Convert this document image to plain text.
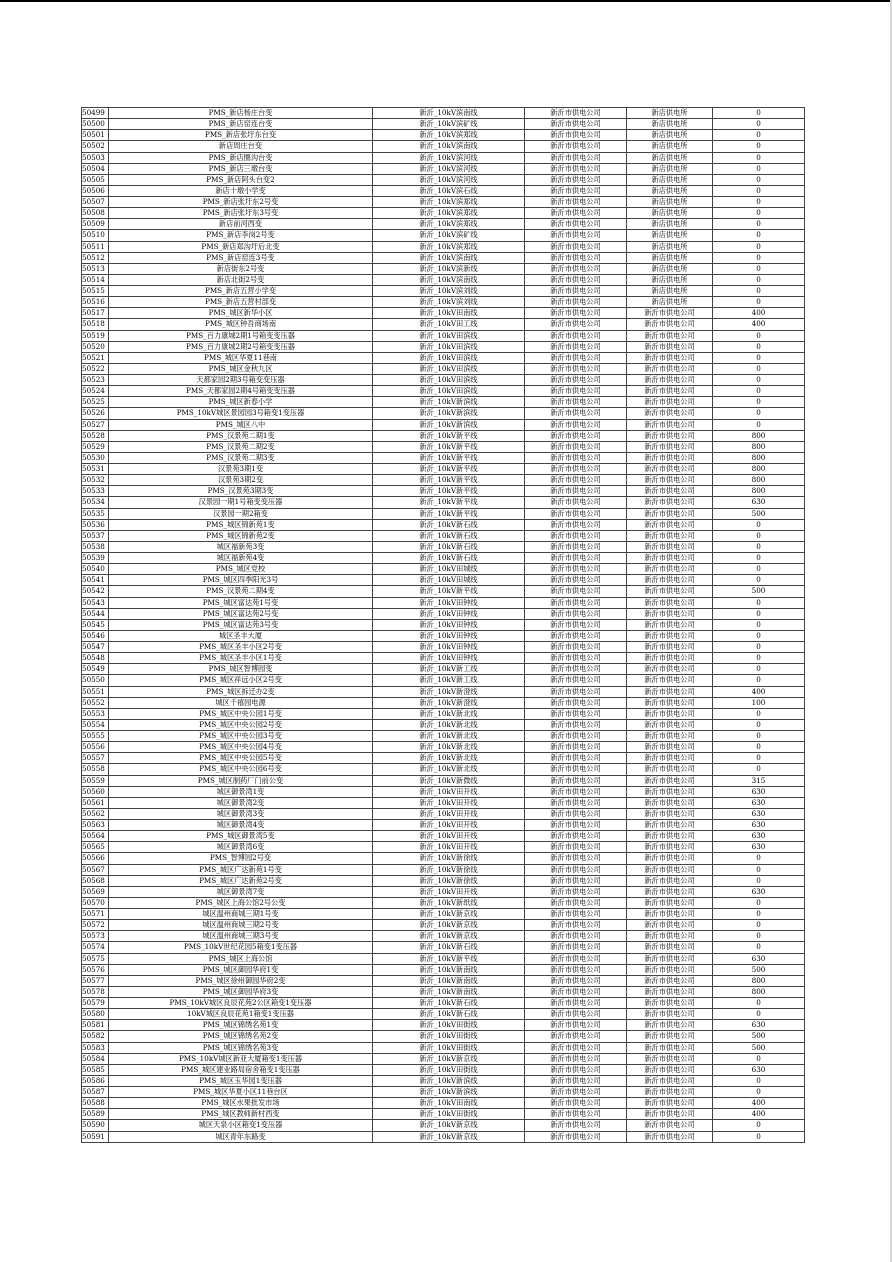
50499	PMS_新店杨庄台变	新沂_10kV滨南线	新沂市供电公司	新店供电所	0
50500	PMS_新店窑连台变	新沂_10kV滨矿线	新沂市供电公司	新店供电所	0
50501	PMS_新店张圩东台变	新沂_10kV滨郑线	新沂市供电公司	新店供电所	0
50502	新店周庄台变	新沂_10kV滨南线	新沂市供电公司	新店供电所	0
50503	PMS_新店圈沟台变	新沂_10kV滨河线	新沂市供电公司	新店供电所	0
50504	PMS_新店三墩台变	新沂_10kV滨河线	新沂市供电公司	新店供电所	0
50505	PMS_新店阿头台变2	新沂_10kV滨河线	新沂市供电公司	新店供电所	0
50506	新店十墩小学变	新沂_10kV滨石线	新沂市供电公司	新店供电所	0
50507	PMS_新店张圩东2号变	新沂_10kV滨郑线	新沂市供电公司	新店供电所	0
50508	PMS_新店张圩东3号变	新沂_10kV滨郑线	新沂市供电公司	新店供电所	0
50509	新店前河西变	新沂_10kV滨郑线	新沂市供电公司	新店供电所	0
50510	PMS_新店李岗2号变	新沂_10kV滨矿线	新沂市供电公司	新店供电所	0
50511	PMS_新店郑沟圩后北变	新沂_10kV滨郑线	新沂市供电公司	新店供电所	0
50512	PMS_新店窑连3号变	新沂_10kV滨南线	新沂市供电公司	新店供电所	0
50513	新店街东2号变	新沂_10kV滨新线	新沂市供电公司	新店供电所	0
50514	新店北街2号变	新沂_10kV滨南线	新沂市供电公司	新店供电所	0
50515	PMS_新店五营小学变	新沂_10kV滨刘线	新沂市供电公司	新店供电所	0
50516	PMS_新店五营村部变	新沂_10kV滨刘线	新沂市供电公司	新店供电所	0
50517	PMS_城区新华小区	新沂_10kV田南线	新沂市供电公司	新沂市供电公司	400
50518	PMS_城区钟吾商场南	新沂_10kV田工线	新沂市供电公司	新沂市供电公司	400
50519	PMS_百力康城2期1号箱变变压器	新沂_10kV田滨线	新沂市供电公司	新沂市供电公司	0
50520	PMS_百力康城2期2号箱变变压器	新沂_10kV田滨线	新沂市供电公司	新沂市供电公司	0
50521	PMS_城区华夏11巷南	新沂_10kV田滨线	新沂市供电公司	新沂市供电公司	0
50522	PMS_城区金秋九区	新沂_10kV田滨线	新沂市供电公司	新沂市供电公司	0
50523	天都家园2期3号箱变变压器	新沂_10kV田滨线	新沂市供电公司	新沂市供电公司	0
50524	PMS_天都家园2期4号箱变变压器	新沂_10kV田滨线	新沂市供电公司	新沂市供电公司	0
50525	PMS_城区新春小学	新沂_10kV新滨线	新沂市供电公司	新沂市供电公司	0
50526	PMS_10kV城区景园园3号箱变1变压器	新沂_10kV新滨线	新沂市供电公司	新沂市供电公司	0
50527	PMS_城区八中	新沂_10kV新滨线	新沂市供电公司	新沂市供电公司	0
50528	PMS_汉景苑二期1变	新沂_10kV新平线	新沂市供电公司	新沂市供电公司	800
50529	PMS_汉景苑二期2变	新沂_10kV新平线	新沂市供电公司	新沂市供电公司	800
50530	PMS_汉景苑二期3变	新沂_10kV新平线	新沂市供电公司	新沂市供电公司	800
50531	汉景苑3期1变	新沂_10kV新平线	新沂市供电公司	新沂市供电公司	800
50532	汉景苑3期2变	新沂_10kV新平线	新沂市供电公司	新沂市供电公司	800
50533	PMS_汉景苑3期3变	新沂_10kV新平线	新沂市供电公司	新沂市供电公司	800
50534	汉景园一期1号箱变变压器	新沂_10kV新平线	新沂市供电公司	新沂市供电公司	630
50535	汉景园一期2箱变	新沂_10kV新平线	新沂市供电公司	新沂市供电公司	500
50536	PMS_城区锦新苑1变	新沂_10kV新石线	新沂市供电公司	新沂市供电公司	0
50537	PMS_城区锦新苑2变	新沂_10kV新石线	新沂市供电公司	新沂市供电公司	0
50538	城区福新苑3变	新沂_10kV新石线	新沂市供电公司	新沂市供电公司	0
50539	城区福新苑4变	新沂_10kV新石线	新沂市供电公司	新沂市供电公司	0
50540	PMS_城区党校	新沂_10kV田城线	新沂市供电公司	新沂市供电公司	0
50541	PMS_城区四季阳光3号	新沂_10kV田城线	新沂市供电公司	新沂市供电公司	0
50542	PMS_汉景苑二期4变	新沂_10kV新平线	新沂市供电公司	新沂市供电公司	500
50543	PMS_城区富达苑1号变	新沂_10kV田钟线	新沂市供电公司	新沂市供电公司	0
50544	PMS_城区富达苑2号变	新沂_10kV田钟线	新沂市供电公司	新沂市供电公司	0
50545	PMS_城区富达苑3号变	新沂_10kV田钟线	新沂市供电公司	新沂市供电公司	0
50546	城区圣丰大厦	新沂_10kV田钟线	新沂市供电公司	新沂市供电公司	0
50547	PMS_城区圣丰小区2号变	新沂_10kV田钟线	新沂市供电公司	新沂市供电公司	0
50548	PMS_城区圣丰小区1号变	新沂_10kV田钟线	新沂市供电公司	新沂市供电公司	0
50549	PMS_城区智博园变	新沂_10kV新工线	新沂市供电公司	新沂市供电公司	0
50550	PMS_城区祥远小区2号变	新沂_10kV新工线	新沂市供电公司	新沂市供电公司	0
50551	PMS_城区拆迁办2变	新沂_10kV新澄线	新沂市供电公司	新沂市供电公司	400
50552	城区千禧园电源	新沂_10kV新澄线	新沂市供电公司	新沂市供电公司	100
50553	PMS_城区中央公园1号变	新沂_10kV新北线	新沂市供电公司	新沂市供电公司	0
50554	PMS_城区中央公园2号变	新沂_10kV新北线	新沂市供电公司	新沂市供电公司	0
50555	PMS_城区中央公园3号变	新沂_10kV新北线	新沂市供电公司	新沂市供电公司	0
50556	PMS_城区中央公园4号变	新沂_10kV新北线	新沂市供电公司	新沂市供电公司	0
50557	PMS_城区中央公园5号变	新沂_10kV新北线	新沂市供电公司	新沂市供电公司	0
50558	PMS_城区中央公园6号变	新沂_10kV新北线	新沂市供电公司	新沂市供电公司	0
50559	PMS_城区制药厂门前公变	新沂_10kV新微线	新沂市供电公司	新沂市供电公司	315
50560	城区御景湾1变	新沂_10kV田开线	新沂市供电公司	新沂市供电公司	630
50561	城区御景湾2变	新沂_10kV田开线	新沂市供电公司	新沂市供电公司	630
50562	城区御景湾3变	新沂_10kV田开线	新沂市供电公司	新沂市供电公司	630
50563	城区御景湾4变	新沂_10kV田开线	新沂市供电公司	新沂市供电公司	630
50564	PMS_城区御景湾5变	新沂_10kV田开线	新沂市供电公司	新沂市供电公司	630
50565	城区御景湾6变	新沂_10kV田开线	新沂市供电公司	新沂市供电公司	630
50566	PMS_智博园2号变	新沂_10kV新徐线	新沂市供电公司	新沂市供电公司	0
50567	PMS_城区广达新苑1号变	新沂_10kV新徐线	新沂市供电公司	新沂市供电公司	0
50568	PMS_城区广达新苑2号变	新沂_10kV新徐线	新沂市供电公司	新沂市供电公司	0
50569	城区御景湾7变	新沂_10kV田开线	新沂市供电公司	新沂市供电公司	630
50570	PMS_城区上海公馆2号公变	新沂_10kV新纸线	新沂市供电公司	新沂市供电公司	0
50571	城区温州商城三期1号变	新沂_10kV新京线	新沂市供电公司	新沂市供电公司	0
50572	城区温州商城三期2号变	新沂_10kV新京线	新沂市供电公司	新沂市供电公司	0
50573	城区温州商城三期3号变	新沂_10kV新京线	新沂市供电公司	新沂市供电公司	0
50574	PMS_10kV世纪花园5箱变1变压器	新沂_10kV新石线	新沂市供电公司	新沂市供电公司	0
50575	PMS_城区上海公馆	新沂_10kV新平线	新沂市供电公司	新沂市供电公司	630
50576	PMS_城区御园华府1变	新沂_10kV新南线	新沂市供电公司	新沂市供电公司	500
50577	PMS_城区徐州御园华府2变	新沂_10kV新南线	新沂市供电公司	新沂市供电公司	800
50578	PMS_城区御园华府3变	新沂_10kV新南线	新沂市供电公司	新沂市供电公司	800
50579	PMS_10kV城区良辰花苑2公区箱变1变压器	新沂_10kV新石线	新沂市供电公司	新沂市供电公司	0
50580	10kV城区良辰花苑1箱变1变压器	新沂_10kV新石线	新沂市供电公司	新沂市供电公司	0
50581	PMS_城区锦绣名苑1变	新沂_10kV田街线	新沂市供电公司	新沂市供电公司	630
50582	PMS_城区锦绣名苑2变	新沂_10kV田街线	新沂市供电公司	新沂市供电公司	500
50583	PMS_城区锦绣名苑3变	新沂_10kV田街线	新沂市供电公司	新沂市供电公司	500
50584	PMS_10kV城区新亚大厦箱变1变压器	新沂_10kV新京线	新沂市供电公司	新沂市供电公司	0
50585	PMS_城区建业路局宿舍箱变1变压器	新沂_10kV田街线	新沂市供电公司	新沂市供电公司	630
50586	PMS_城区玉华园1变压器	新沂_10kV新滨线	新沂市供电公司	新沂市供电公司	0
50587	PMS_城区华夏小区11巷台区	新沂_10kV新滨线	新沂市供电公司	新沂市供电公司	0
50588	PMS_城区水果批发市场	新沂_10kV田南线	新沂市供电公司	新沂市供电公司	400
50589	PMS_城区教师新村西变	新沂_10kV田街线	新沂市供电公司	新沂市供电公司	400
50590	城区天泉小区箱变1变压器	新沂_10kV新京线	新沂市供电公司	新沂市供电公司	0
50591	城区青年东路变	新沂_10kV新京线	新沂市供电公司	新沂市供电公司	0
